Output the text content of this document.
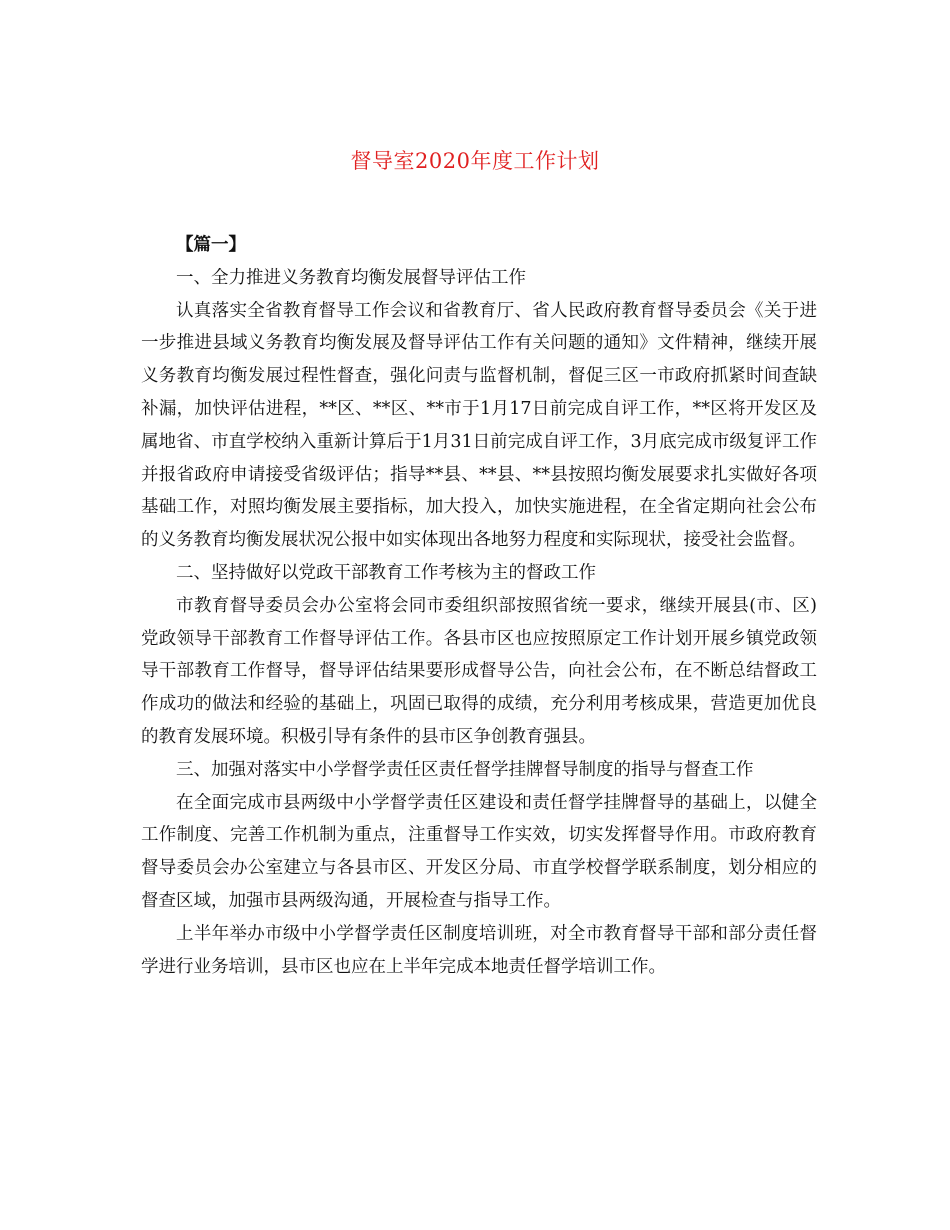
督导室2020年度工作计划

【篇一】

一、全力推进义务教育均衡发展督导评估工作

认真落实全省教育督导工作会议和省教育厅、省人民政府教育督导委员会《关于进一步推进县域义务教育均衡发展及督导评估工作有关问题的通知》文件精神，继续开展义务教育均衡发展过程性督查，强化问责与监督机制，督促三区一市政府抓紧时间查缺补漏，加快评估进程，**区、**区、**市于1月17日前完成自评工作，**区将开发区及属地省、市直学校纳入重新计算后于1月31日前完成自评工作，3月底完成市级复评工作并报省政府申请接受省级评估；指导**县、**县、**县按照均衡发展要求扎实做好各项基础工作，对照均衡发展主要指标，加大投入，加快实施进程，在全省定期向社会公布的义务教育均衡发展状况公报中如实体现出各地努力程度和实际现状，接受社会监督。

二、坚持做好以党政干部教育工作考核为主的督政工作

市教育督导委员会办公室将会同市委组织部按照省统一要求，继续开展县(市、区)党政领导干部教育工作督导评估工作。各县市区也应按照原定工作计划开展乡镇党政领导干部教育工作督导，督导评估结果要形成督导公告，向社会公布，在不断总结督政工作成功的做法和经验的基础上，巩固已取得的成绩，充分利用考核成果，营造更加优良的教育发展环境。积极引导有条件的县市区争创教育强县。

三、加强对落实中小学督学责任区责任督学挂牌督导制度的指导与督查工作

在全面完成市县两级中小学督学责任区建设和责任督学挂牌督导的基础上，以健全工作制度、完善工作机制为重点，注重督导工作实效，切实发挥督导作用。市政府教育督导委员会办公室建立与各县市区、开发区分局、市直学校督学联系制度，划分相应的督查区域，加强市县两级沟通，开展检查与指导工作。

上半年举办市级中小学督学责任区制度培训班，对全市教育督导干部和部分责任督学进行业务培训，县市区也应在上半年完成本地责任督学培训工作。
